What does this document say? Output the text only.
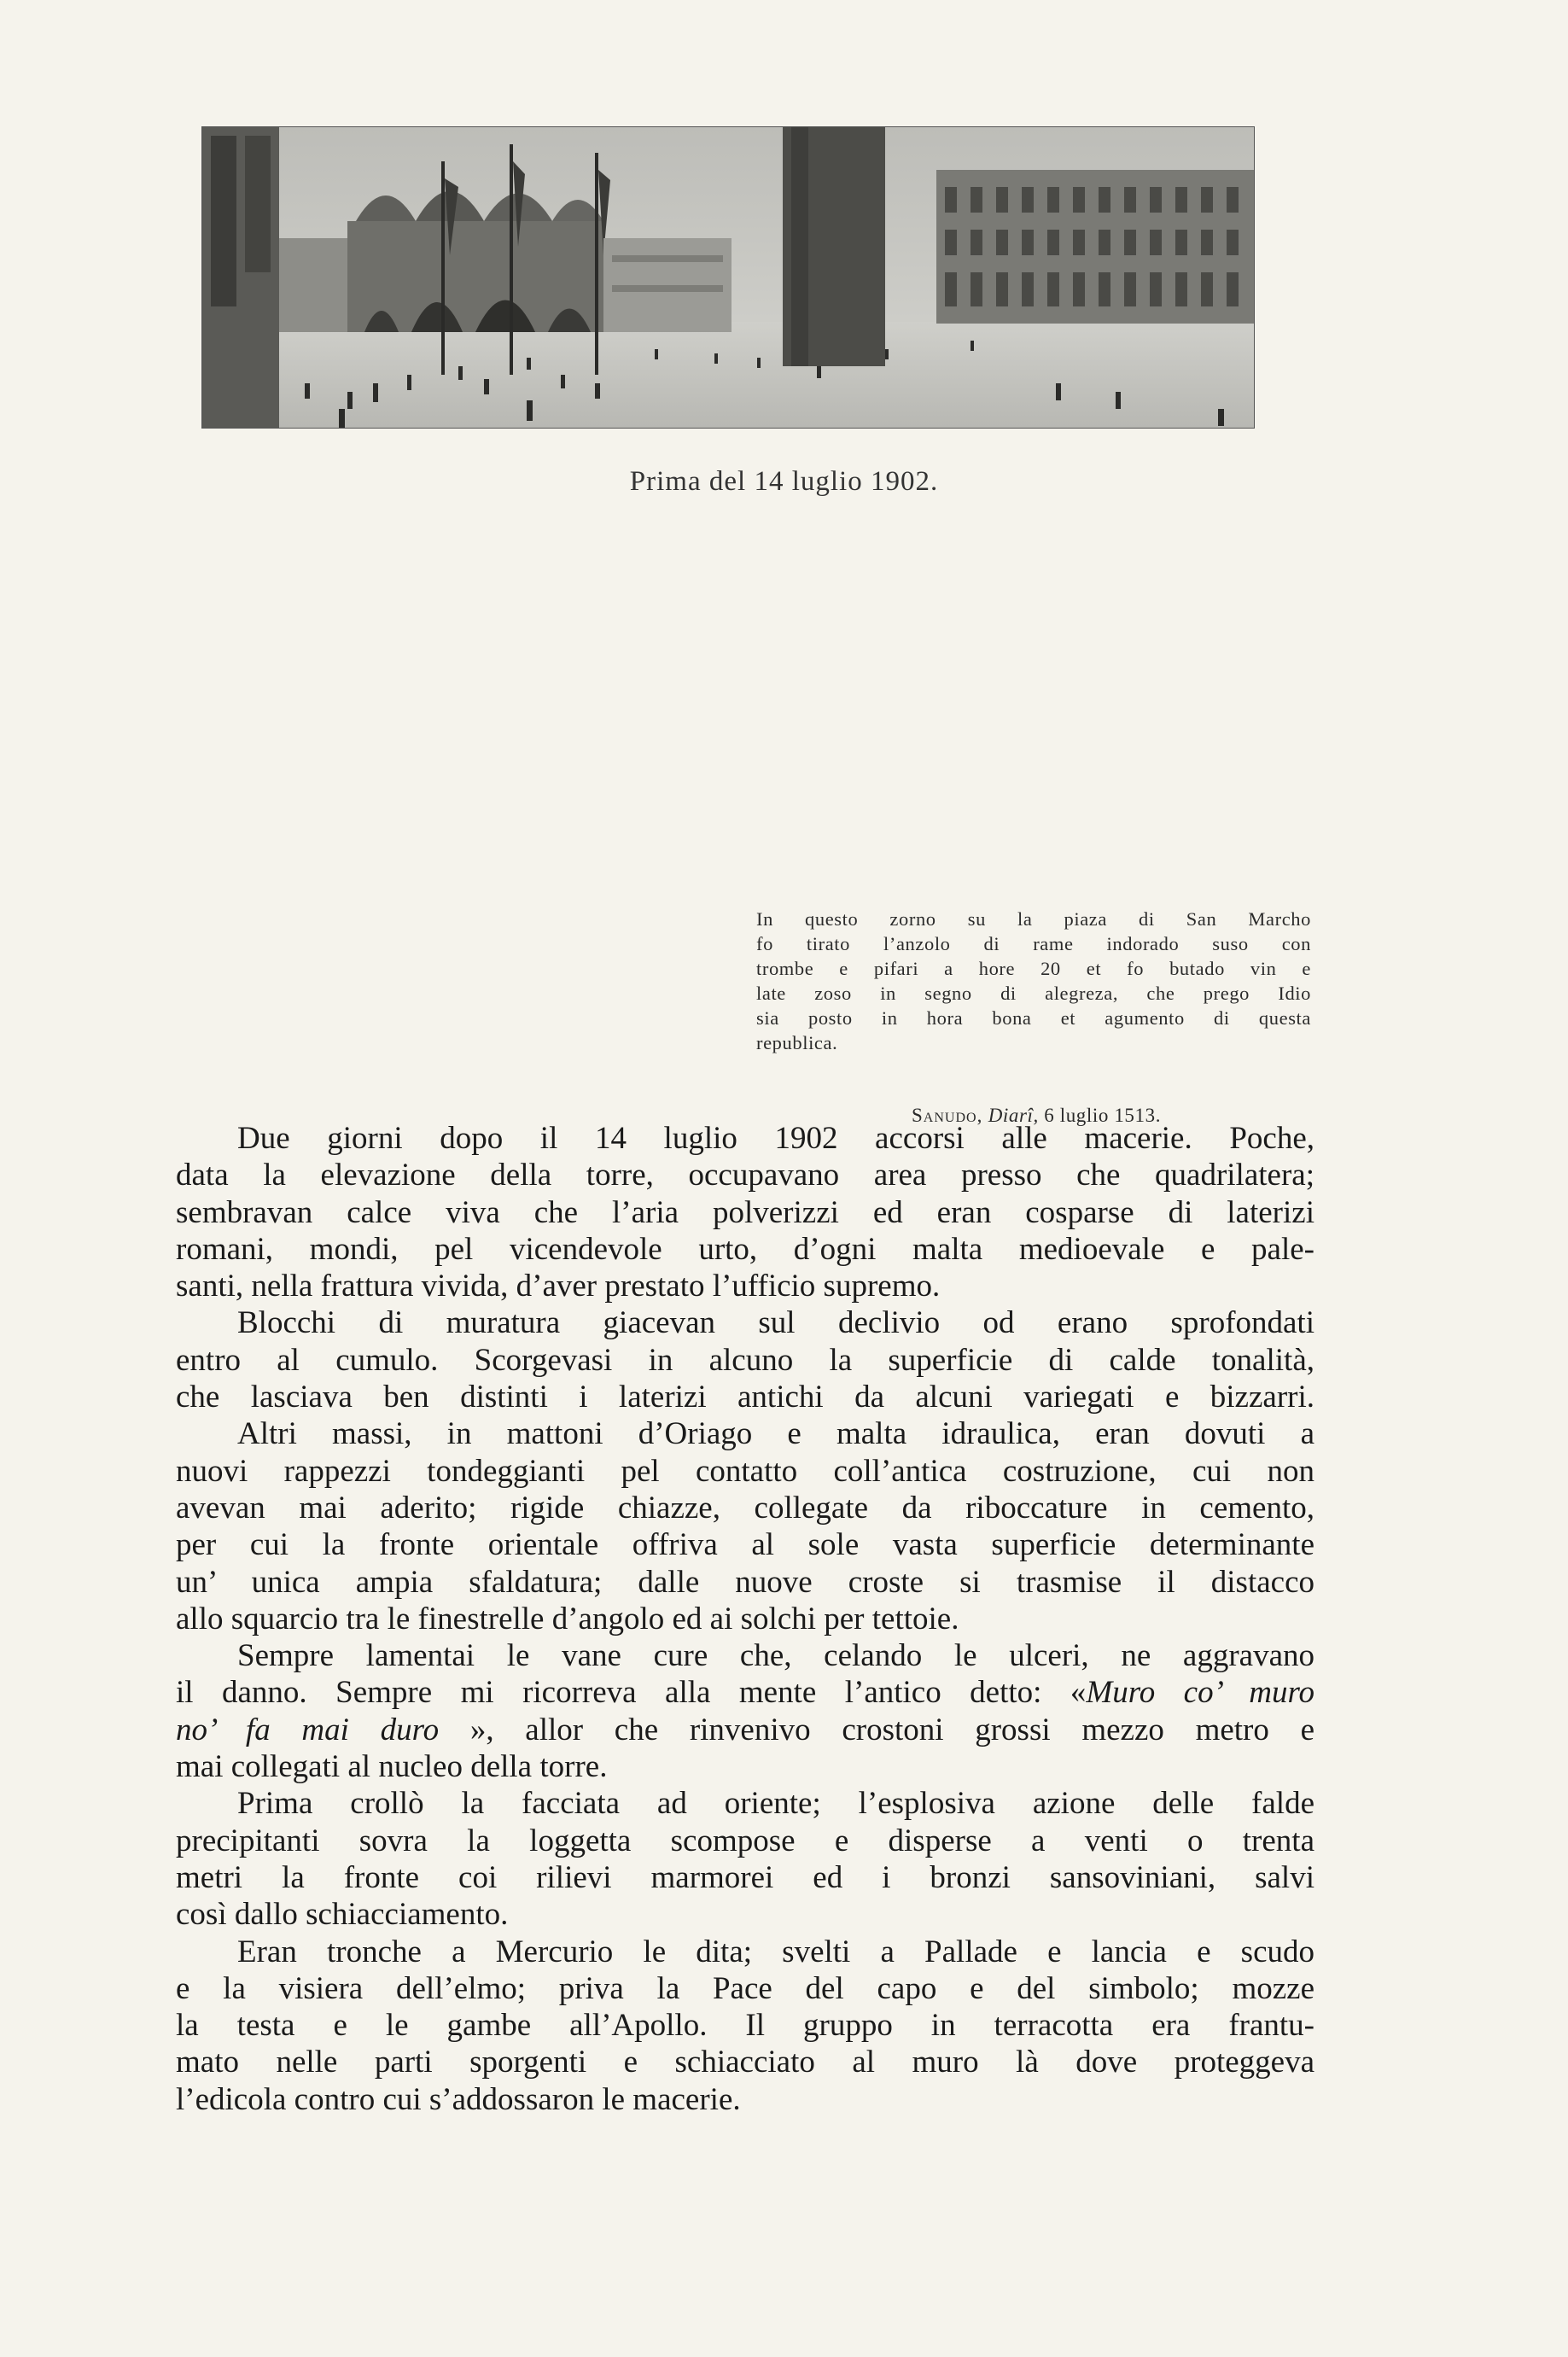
Prima del 14 luglio 1902.
In questo zorno su la piaza di San Marcho
fo tirato l’anzolo di rame indorado suso con
trombe e pifari a hore 20 et fo butado vin e
late zoso in segno di alegreza, che prego Idio
sia posto in hora bona et agumento di questa
republica.
Sanudo, Diarî, 6 luglio 1513.
Due giorni dopo il 14 luglio 1902 accorsi alle macerie. Poche,
data la elevazione della torre, occupavano area presso che quadrilatera;
sembravan calce viva che l’aria polverizzi ed eran cosparse di laterizi
romani, mondi, pel vicendevole urto, d’ogni malta medioevale e pale-
santi, nella frattura vivida, d’aver prestato l’ufficio supremo.
Blocchi di muratura giacevan sul declivio od erano sprofondati
entro al cumulo. Scorgevasi in alcuno la superficie di calde tonalità,
che lasciava ben distinti i laterizi antichi da alcuni variegati e bizzarri.
Altri massi, in mattoni d’Oriago e malta idraulica, eran dovuti a
nuovi rappezzi tondeggianti pel contatto coll’antica costruzione, cui non
avevan mai aderito; rigide chiazze, collegate da riboccature in cemento,
per cui la fronte orientale offriva al sole vasta superficie determinante
un’ unica ampia sfaldatura; dalle nuove croste si trasmise il distacco
allo squarcio tra le finestrelle d’angolo ed ai solchi per tettoie.
Sempre lamentai le vane cure che, celando le ulceri, ne aggravano
il danno. Sempre mi ricorreva alla mente l’antico detto: «Muro co’ muro
no’ fa mai duro », allor che rinvenivo crostoni grossi mezzo metro e
mai collegati al nucleo della torre.
Prima crollò la facciata ad oriente; l’esplosiva azione delle falde
precipitanti sovra la loggetta scompose e disperse a venti o trenta
metri la fronte coi rilievi marmorei ed i bronzi sansoviniani, salvi
così dallo schiacciamento.
Eran tronche a Mercurio le dita; svelti a Pallade e lancia e scudo
e la visiera dell’elmo; priva la Pace del capo e del simbolo; mozze
la testa e le gambe all’Apollo. Il gruppo in terracotta era frantu-
mato nelle parti sporgenti e schiacciato al muro là dove proteggeva
l’edicola contro cui s’addossaron le macerie.
